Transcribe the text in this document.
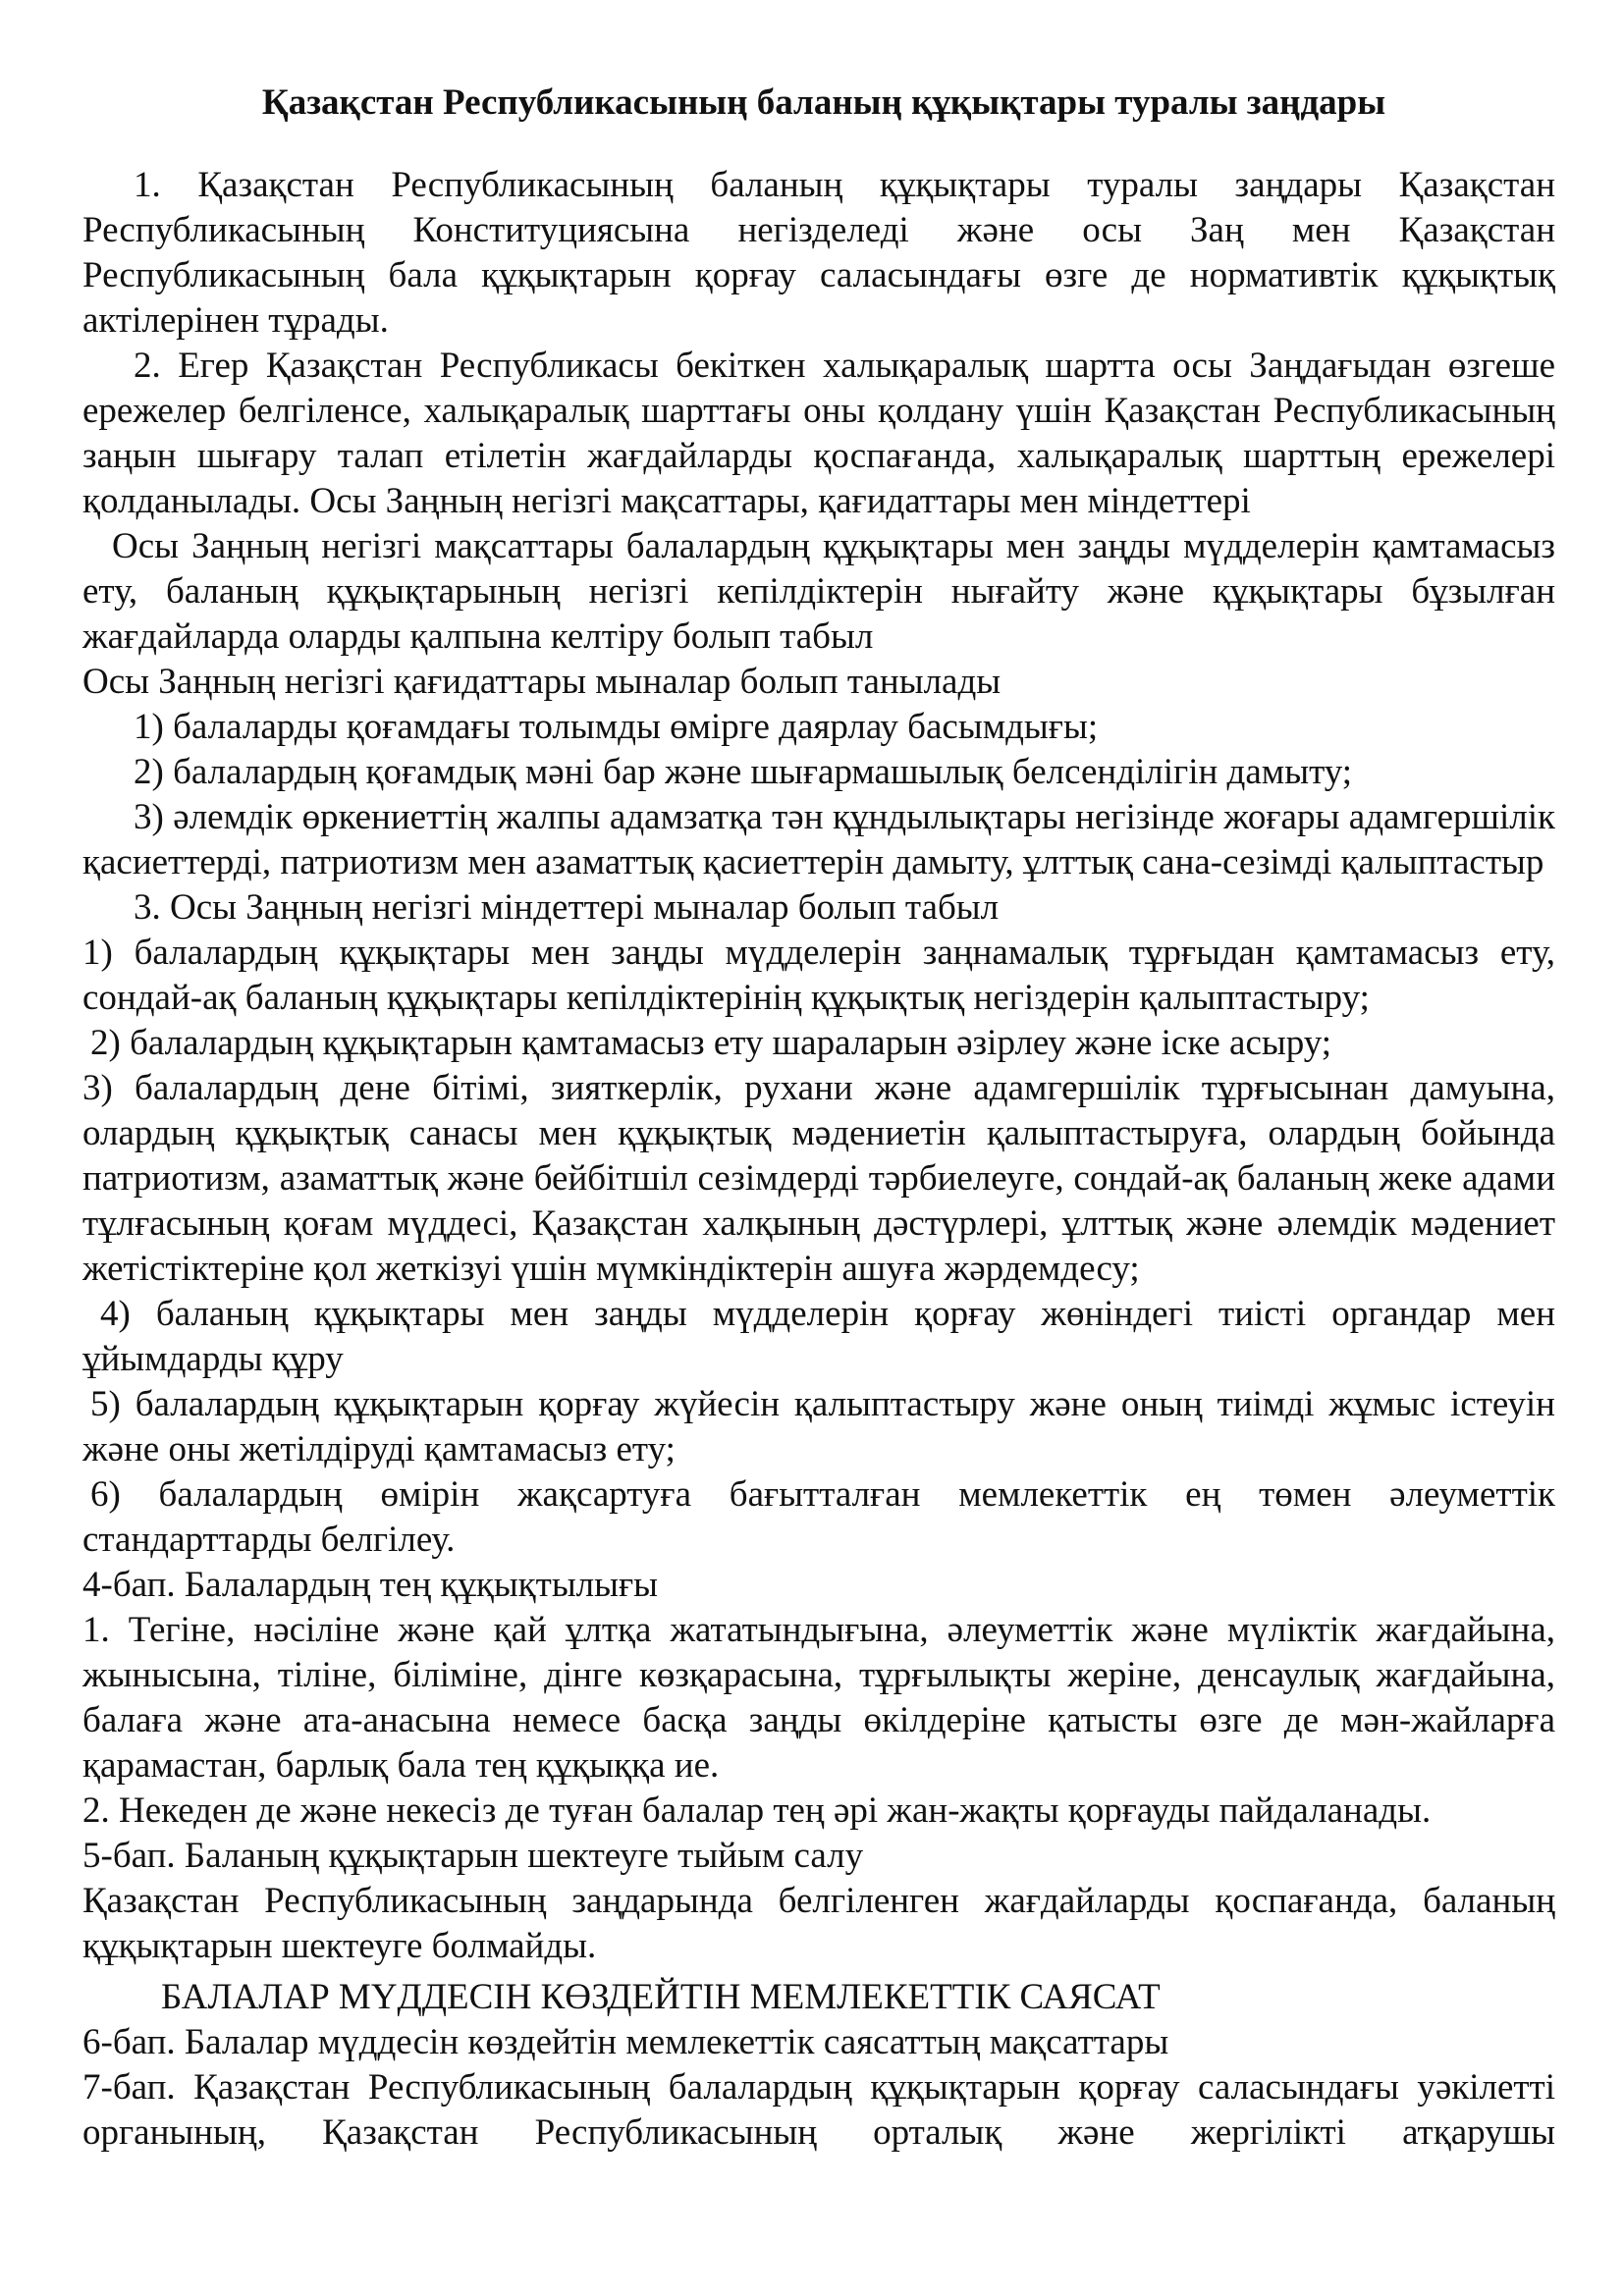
Қазақстан Республикасының баланың құқықтары туралы заңдары

1. Қазақстан Республикасының баланың құқықтары туралы заңдары Қазақстан Республикасының Конституциясына негізделеді және осы Заң мен Қазақстан Республикасының бала құқықтарын қорғау саласындағы өзге де нормативтік құқықтық актілерінен тұрады.

2. Егер Қазақстан Республикасы бекіткен халықаралық шартта осы Заңдағыдан өзгеше ережелер белгіленсе, халықаралық шарттағы оны қолдану үшін Қазақстан Республикасының заңын шығару талап етілетін жағдайларды қоспағанда, халықаралық шарттың ережелері қолданылады. Осы Заңның негізгі мақсаттары, қағидаттары мен міндеттері

Осы Заңның негізгі мақсаттары балалардың құқықтары мен заңды мүдделерін қамтамасыз ету, баланың құқықтарының негізгі кепілдіктерін нығайту және құқықтары бұзылған жағдайларда оларды қалпына келтіру болып табыл

Осы Заңның негізгі қағидаттары мыналар болып танылады

1) балаларды қоғамдағы толымды өмірге даярлау басымдығы;

2) балалардың қоғамдық мәні бар және шығармашылық белсенділігін дамыту;

3) әлемдік өркениеттің жалпы адамзатқа тән құндылықтары негізінде жоғары адамгершілік қасиеттерді, патриотизм мен азаматтық қасиеттерін дамыту, ұлттық сана-сезімді қалыптастыр

3. Осы Заңның негізгі міндеттері мыналар болып табыл

1) балалардың құқықтары мен заңды мүдделерін заңнамалық тұрғыдан қамтамасыз ету, сондай-ақ баланың құқықтары кепілдіктерінің құқықтық негіздерін қалыптастыру;

2) балалардың құқықтарын қамтамасыз ету шараларын әзірлеу және іске асыру;

3) балалардың дене бітімі, зияткерлік, рухани және адамгершілік тұрғысынан дамуына, олардың құқықтық санасы мен құқықтық мәдениетін қалыптастыруға, олардың бойында патриотизм, азаматтық және бейбітшіл сезімдерді тәрбиелеуге, сондай-ақ баланың жеке адами тұлғасының қоғам мүддесі, Қазақстан халқының дәстүрлері, ұлттық және әлемдік мәдениет жетістіктеріне қол жеткізуі үшін мүмкіндіктерін ашуға жәрдемдесу;

4) баланың құқықтары мен заңды мүдделерін қорғау жөніндегі тиісті органдар мен ұйымдарды құру

5) балалардың құқықтарын қорғау жүйесін қалыптастыру және оның тиімді жұмыс істеуін және оны жетілдіруді қамтамасыз ету;

6) балалардың өмірін жақсартуға бағытталған мемлекеттік ең төмен әлеуметтік стандарттарды белгілеу.

4-бап. Балалардың тең құқықтылығы

1. Тегіне, нәсіліне және қай ұлтқа жататындығына, әлеуметтік және мүліктік жағдайына, жынысына, тіліне, біліміне, дінге көзқарасына, тұрғылықты жеріне, денсаулық жағдайына, балаға және ата-анасына немесе басқа заңды өкілдеріне қатысты өзге де мән-жайларға қарамастан, барлық бала тең құқыққа ие.

2. Некеден де және некесіз де туған балалар тең әрі жан-жақты қорғауды пайдаланады.

5-бап. Баланың құқықтарын шектеуге тыйым салу

Қазақстан Республикасының заңдарында белгіленген жағдайларды қоспағанда, баланың құқықтарын шектеуге болмайды.

БАЛАЛАР МҮДДЕСІН КӨЗДЕЙТІН МЕМЛЕКЕТТІК САЯСАТ

6-бап. Балалар мүддесін көздейтін мемлекеттік саясаттың мақсаттары

7-бап. Қазақстан Республикасының балалардың құқықтарын қорғау саласындағы уәкілетті органының, Қазақстан Республикасының орталық және жергілікті атқарушы
